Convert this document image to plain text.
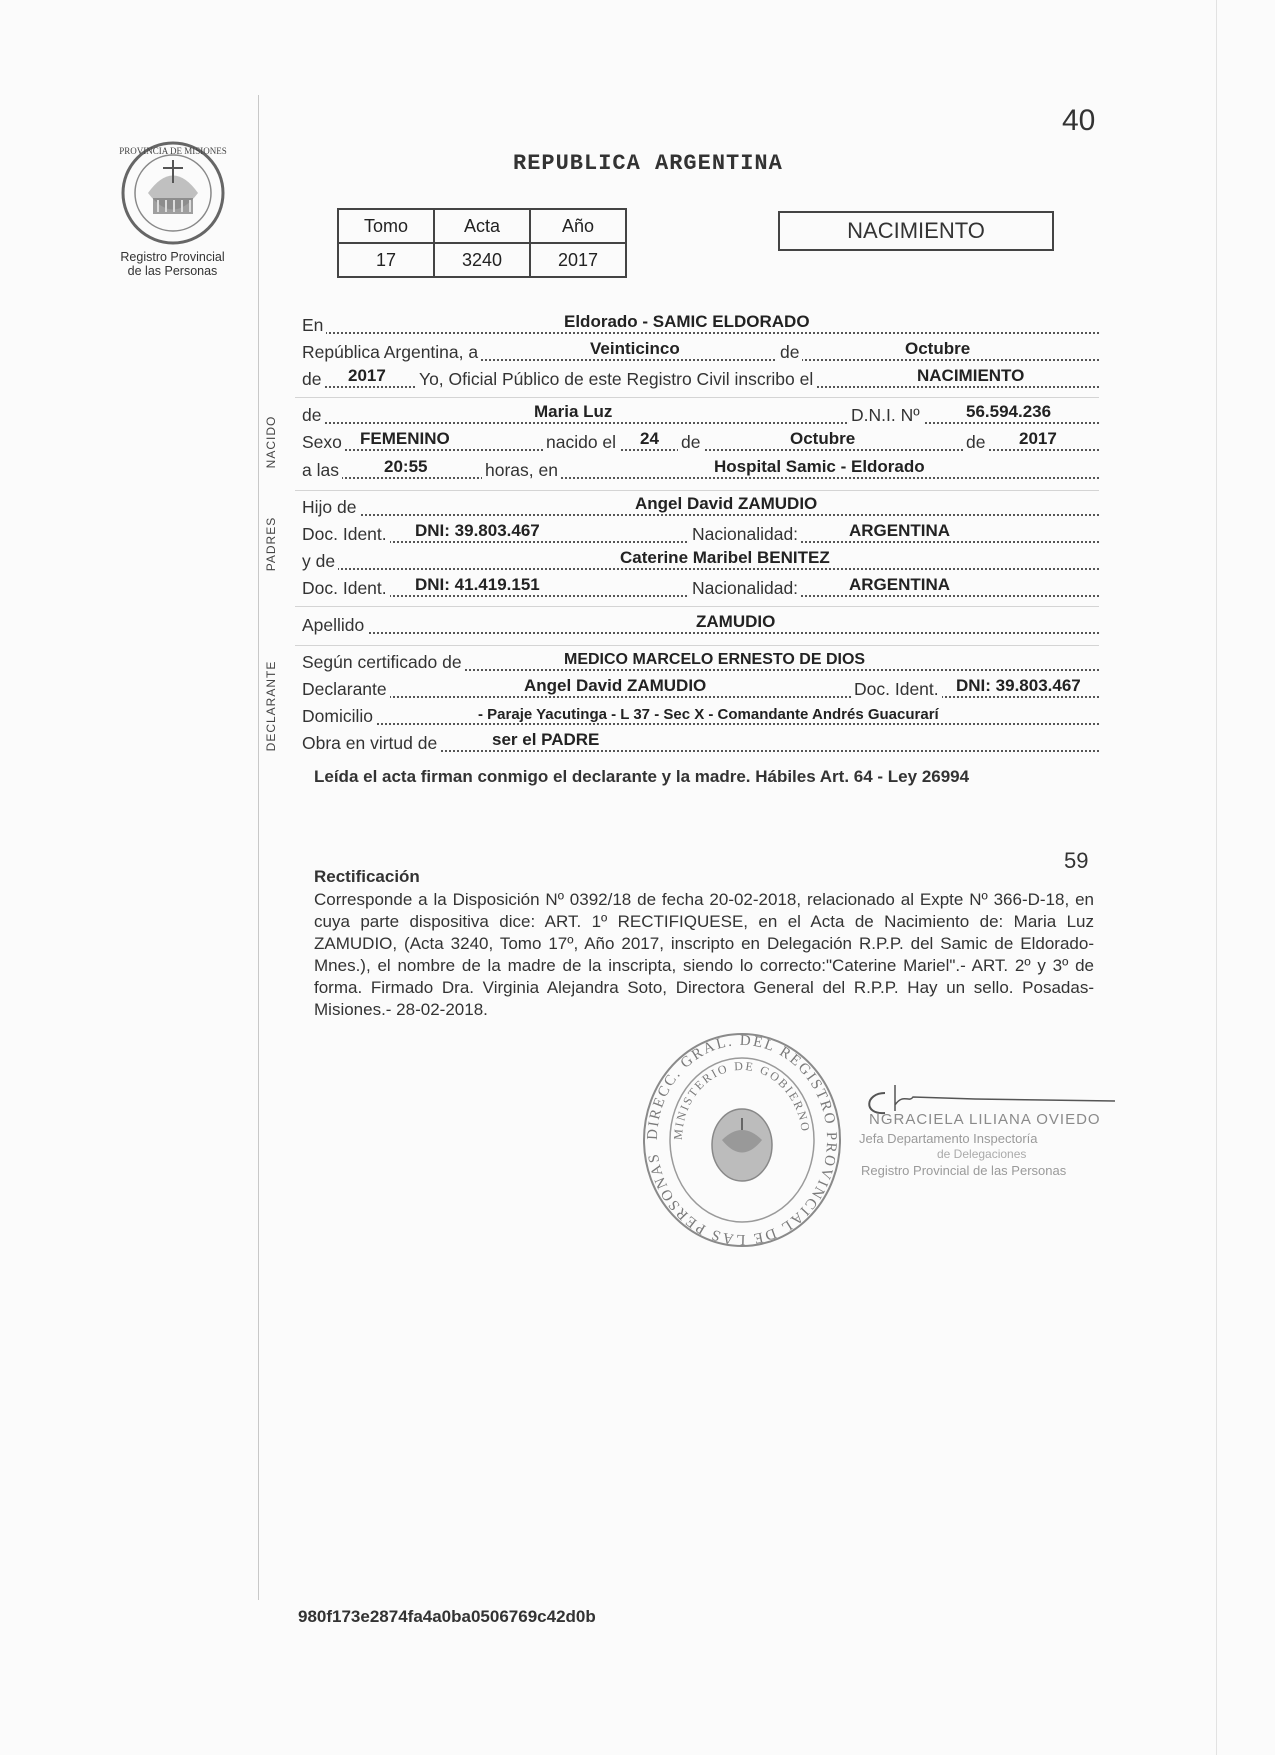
PROVINCIA DE MISIONES
Registro Provincial
de las Personas
40
REPUBLICA ARGENTINA
Tomo	Acta	Año
17	3240	2017
NACIMIENTO
En	Eldorado - SAMIC ELDORADO
República Argentina, a	Veinticinco	de	Octubre
de 2017 Yo, Oficial Público de este Registro Civil inscribo el	NACIMIENTO
de	Maria Luz	D.N.I. Nº	56.594.236
Sexo FEMENINO	nacido el 24 de	Octubre	de 2017
a las	20:55	horas, en	Hospital Samic - Eldorado
Hijo de	Angel David ZAMUDIO
Doc. Ident. DNI: 39.803.467	Nacionalidad:	ARGENTINA
y de	Caterine Maribel BENITEZ
Doc. Ident. DNI: 41.419.151	Nacionalidad:	ARGENTINA
Apellido	ZAMUDIO
Según certificado de	MEDICO MARCELO ERNESTO DE DIOS
Declarante	Angel David ZAMUDIO	Doc. Ident. DNI: 39.803.467
Domicilio	- Paraje Yacutinga - L 37 - Sec X - Comandante Andrés Guacurarí
Obra en virtud de	ser el PADRE
NACIDO
PADRES
DECLARANTE
Leída el acta firman conmigo el declarante y la madre. Hábiles Art. 64 - Ley 26994
59
Rectificación
Corresponde a la Disposición Nº 0392/18 de fecha 20-02-2018, relacionado al Expte Nº 366-D-18, en cuya parte dispositiva dice: ART. 1º RECTIFIQUESE, en el Acta de Nacimiento de: Maria Luz ZAMUDIO, (Acta 3240, Tomo 17º, Año 2017, inscripto en Delegación R.P.P. del Samic de Eldorado-Mnes.), el nombre de la madre de la inscripta, siendo lo correcto:"Caterine Mariel".- ART. 2º y 3º de forma. Firmado Dra. Virginia Alejandra Soto, Directora General del R.P.P. Hay un sello. Posadas- Misiones.- 28-02-2018.
DIRECC. GRAL. DEL REGISTRO PROVINCIAL DE LAS PERSONAS
MINISTERIO DE GOBIERNO	NGRACIELA LILIANA OVIEDO
Jefa Departamento Inspectoría
de Delegaciones
Registro Provincial de las Personas
980f173e2874fa4a0ba0506769c42d0b
